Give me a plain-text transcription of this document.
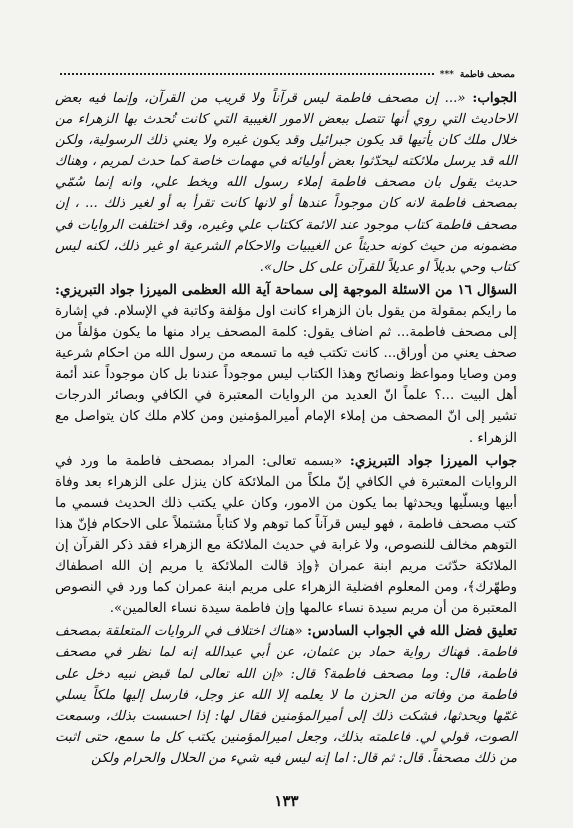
مصحف فاطمة
***

الجواب: «... إن مصحف فاطمة ليس قرآناً ولا قريب من القرآن، وإنما فيه بعض الاحاديث التي روي أنها تتصل ببعض الامور الغيبية التي كانت تُحدث بها الزهراء من خلال ملك كان يأتيها قد يكون جبرائيل وقد يكون غيره ولا يعني ذلك الرسولية، ولكن الله قد يرسل ملائكته ليحدّثوا بعض أوليائه في مهمات خاصة كما حدث لمريم ، وهناك حديث يقول بان مصحف فاطمة إملاء رسول الله ويخط علي، وانه إنما سُمّي بمصحف فاطمة لانه كان موجوداً عندها أو لانها كانت تقرأ به أو لغير ذلك ... ، إن مصحف فاطمة كتاب موجود عند الائمة ككتاب علي وغيره، وقد اختلفت الروايات في مضمونه من حيث كونه حديثاً عن الغيبيات والاحكام الشرعية او غير ذلك، لكنه ليس كتاب وحي بديلاً او عديلاً للقرآن على كل حال».

السؤال ١٦ من الاسئلة الموجهة إلى سماحة آية الله العظمى الميرزا جواد التبريزي: ما رايكم بمقولة من يقول بان الزهراء كانت اول مؤلفة وكاتبة في الإسلام. في إشارة إلى مصحف فاطمة... ثم اضاف يقول: كلمة المصحف يراد منها ما يكون مؤلفاً من صحف يعني من أوراق... كانت تكتب فيه ما تسمعه من رسول الله من احكام شرعية ومن وصايا ومواعظ ونصائح وهذا الكتاب ليس موجوداً عندنا بل كان موجوداً عند أئمة أهل البيت ...؟ علماً انّ العديد من الروايات المعتبرة في الكافي وبصائر الدرجات تشير إلى انّ المصحف من إملاء الإمام أميرالمؤمنين ومن كلام ملك كان يتواصل مع الزهراء .

جواب الميرزا جواد التبريزي: «بسمه تعالى: المراد بمصحف فاطمة ما ورد في الروايات المعتبرة في الكافي إنّ ملكاً من الملائكة كان ينزل على الزهراء بعد وفاة أبيها ويسلّيها ويحدثها بما يكون من الامور، وكان علي يكتب ذلك الحديث فسمي ما كتب مصحف فاطمة ، فهو ليس قرآناً كما توهم ولا كتاباً مشتملاً على الاحكام فإنّ هذا التوهم مخالف للنصوص، ولا غرابة في حديث الملائكة مع الزهراء فقد ذكر القرآن إن الملائكة حدّثت مريم ابنة عمران ﴿وإذ قالت الملائكة يا مريم إن الله اصطفاك وطهّرك﴾، ومن المعلوم افضلية الزهراء على مريم ابنة عمران كما ورد في النصوص المعتبرة من أن مريم سيدة نساء عالمها وإن فاطمة سيدة نساء العالمين».

تعليق فضل الله في الجواب السادس: «هناك اختلاف في الروايات المتعلقة بمصحف فاطمة. فهناك رواية حماد بن عثمان، عن أبي عبدالله إنه لما نظر في مصحف فاطمة، قال: وما مصحف فاطمة؟ قال: «إن الله تعالى لما قبض نبيه دخل على فاطمة من وفاته من الحزن ما لا يعلمه إلا الله عز وجل، فارسل إليها ملكاً يسلي غمّها ويحدثها، فشكت ذلك إلى أميرالمؤمنين فقال لها: إذا احسست بذلك، وسمعت الصوت، قولي لي. فاعلمته بذلك، وجعل اميرالمؤمنين يكتب كل ما سمع، حتى اثبت من ذلك مصحفاً. قال: ثم قال: اما إنه ليس فيه شيء من الحلال والحرام ولكن

١٣٣
